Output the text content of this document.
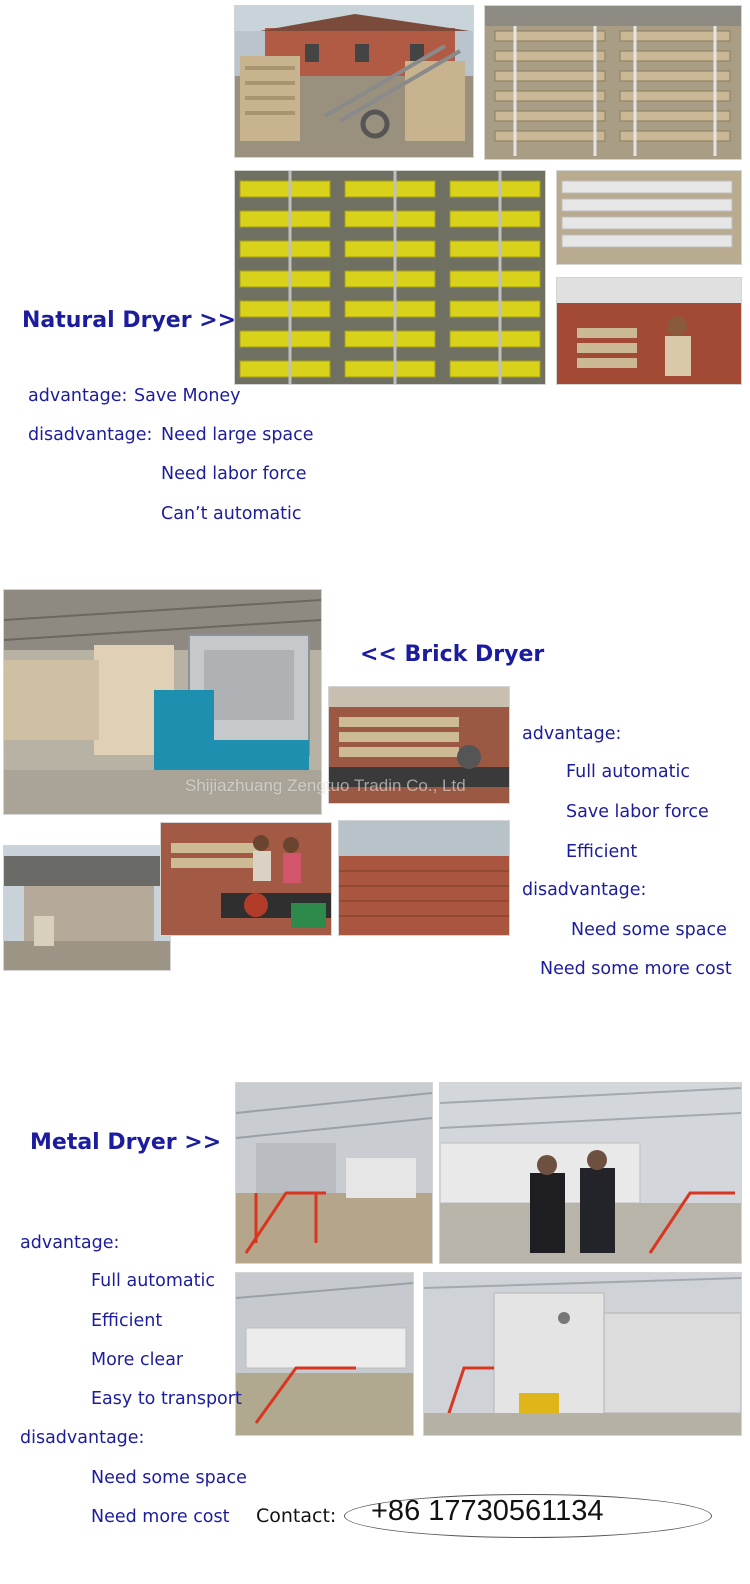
Natural Dryer >>
advantage: Save Money
disadvantage: Need large space
Need labor force
Can’t automatic
Shijiazhuang Zengtuo Tradin Co., Ltd
<< Brick Dryer
advantage:
Full automatic
Save labor force
Efficient
disadvantage:
Need some space
Need some more cost
Metal Dryer >>
advantage:
Full automatic
Efficient
More clear
Easy to transport
disadvantage:
Need some space
Need more cost Contact: +86 17730561134
